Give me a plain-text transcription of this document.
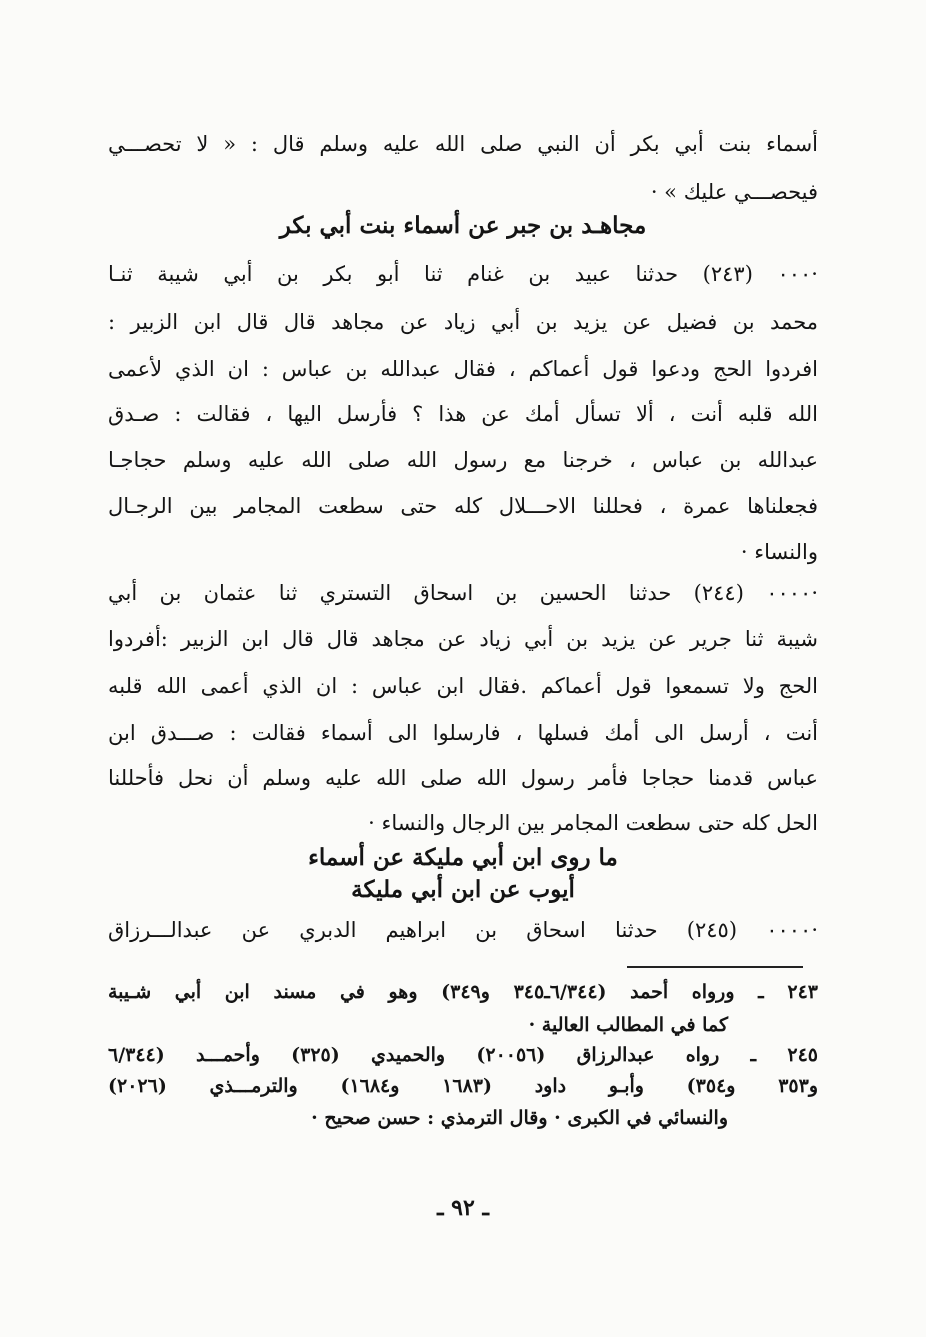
أسماء بنت أبي بكر أن النبي صلى الله عليه وسلم قال : « لا تحصـــي
فيحصـــي عليك » ·
مجاهـد بن جبر عن أسماء بنت أبي بكر
·٠٠٠ (٢٤٣) حدثنا عبيد بن غنام ثنا أبو بكر بن أبي شيبة ثنـا
محمد بن فضيل عن يزيد بن أبي زياد عن مجاهد قال قال ابن الزبير :
افردوا الحج ودعوا قول أعماكم ، فقال عبدالله بن عباس : ان الذي لأعمى
الله قلبه أنت ، ألا تسأل أمك عن هذا ؟ فأرسل اليها ، فقالت : صـدق
عبدالله بن عباس ، خرجنا مع رسول الله صلى الله عليه وسلم حجاجـا
فجعلناها عمرة ، فحللنا الاحـــلال كله حتى سطعت المجامر بين الرجـال
والنساء ·
·٠٠٠٠ (٢٤٤) حدثنا الحسين بن اسحاق التستري ثنا عثمان بن أبي
شيبة ثنا جرير عن يزيد بن أبي زياد عن مجاهد قال قال ابن الزبير :أفردوا
الحج ولا تسمعوا قول أعماكم .فقال ابن عباس : ان الذي أعمى الله قلبه
أنت ، أرسل الى أمك فسلها ، فارسلوا الى أسماء فقالت : صـــدق ابن
عباس قدمنا حجاجا فأمر رسول الله صلى الله عليه وسلم أن نحل فأحللنا
الحل كله حتى سطعت المجامر بين الرجال والنساء ·
ما روى ابن أبي مليكة عن أسماء
أيوب عن ابن أبي مليكة
·٠٠٠٠ (٢٤٥) حدثنا اسحاق بن ابراهيم الدبري عن عبدالـــرزاق
٢٤٣ ـ ورواه أحمد (٦/٣٤٤ـ٣٤٥ و٣٤٩) وهو في مسند ابن أبي شـيبة
كما في المطالب العالية ·
٢٤٥ ـ رواه عبدالرزاق (٢٠٠٥٦) والحميدي (٣٢٥) وأحمـــد (٦/٣٤٤
و٣٥٣ و٣٥٤) وأبـو داود (١٦٨٣ و١٦٨٤) والترمـــذي (٢٠٢٦)
والنسائي في الكبرى · وقال الترمذي : حسن صحيح ·
ـ ٩٢ ـ
